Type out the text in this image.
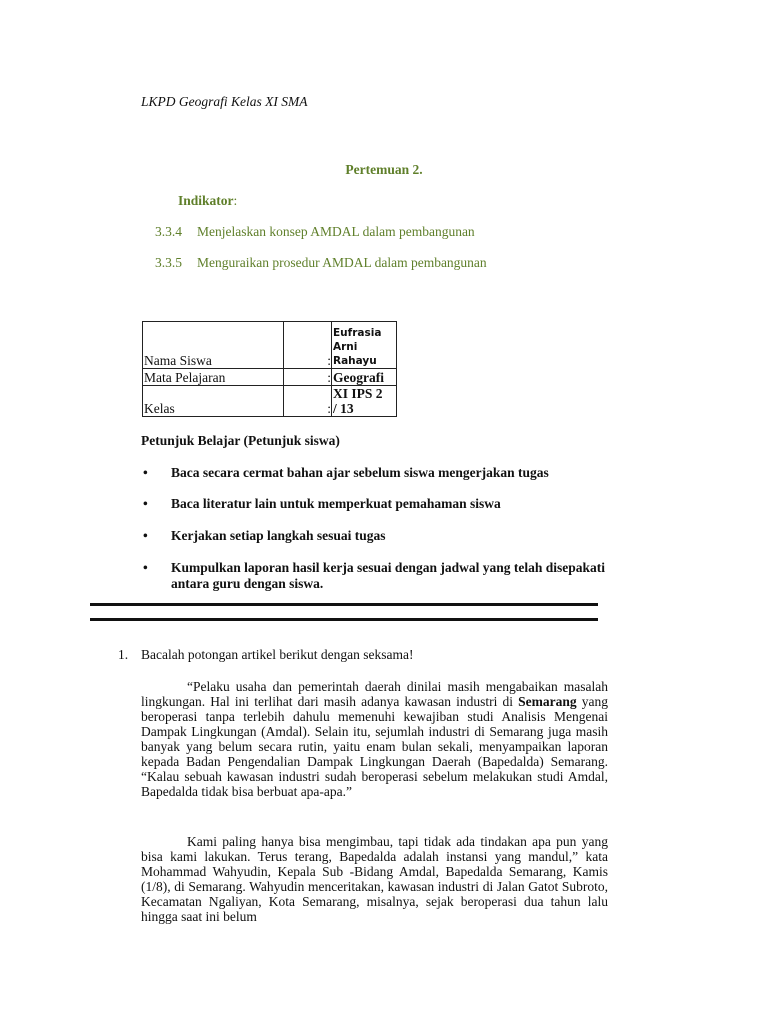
LKPD Geografi Kelas XI SMA
Pertemuan 2.
Indikator:
3.3.4 Menjelaskan konsep AMDAL dalam pembangunan
3.3.5 Menguraikan prosedur AMDAL dalam pembangunan
Nama Siswa	:	Eufrasia
Arni
Rahayu

Mata Pelajaran	:	Geografi
Kelas	:	XI IPS 2
/ 13
Petunjuk Belajar (Petunjuk siswa)
• Baca secara cermat bahan ajar sebelum siswa mengerjakan tugas
• Baca literatur lain untuk memperkuat pemahaman siswa
• Kerjakan setiap langkah sesuai tugas
• Kumpulkan laporan hasil kerja sesuai dengan jadwal yang telah disepakati antara guru dengan siswa.
1. Bacalah potongan artikel berikut dengan seksama!

“Pelaku usaha dan pemerintah daerah dinilai masih mengabaikan masalah lingkungan. Hal ini terlihat dari masih adanya kawasan industri di Semarang yang beroperasi tanpa terlebih dahulu memenuhi kewajiban studi Analisis Mengenai Dampak Lingkungan (Amdal). Selain itu, sejumlah industri di Semarang juga masih banyak yang belum secara rutin, yaitu enam bulan sekali, menyampaikan laporan kepada Badan Pengendalian Dampak Lingkungan Daerah (Bapedalda) Semarang. “Kalau sebuah kawasan industri sudah beroperasi sebelum melakukan studi Amdal, Bapedalda tidak bisa berbuat apa-apa.”

Kami paling hanya bisa mengimbau, tapi tidak ada tindakan apa pun yang bisa kami lakukan. Terus terang, Bapedalda adalah instansi yang mandul,” kata Mohammad Wahyudin, Kepala Sub -Bidang Amdal, Bapedalda Semarang, Kamis (1/8), di Semarang. Wahyudin menceritakan, kawasan industri di Jalan Gatot Subroto, Kecamatan Ngaliyan, Kota Semarang, misalnya, sejak beroperasi dua tahun lalu hingga saat ini belum
